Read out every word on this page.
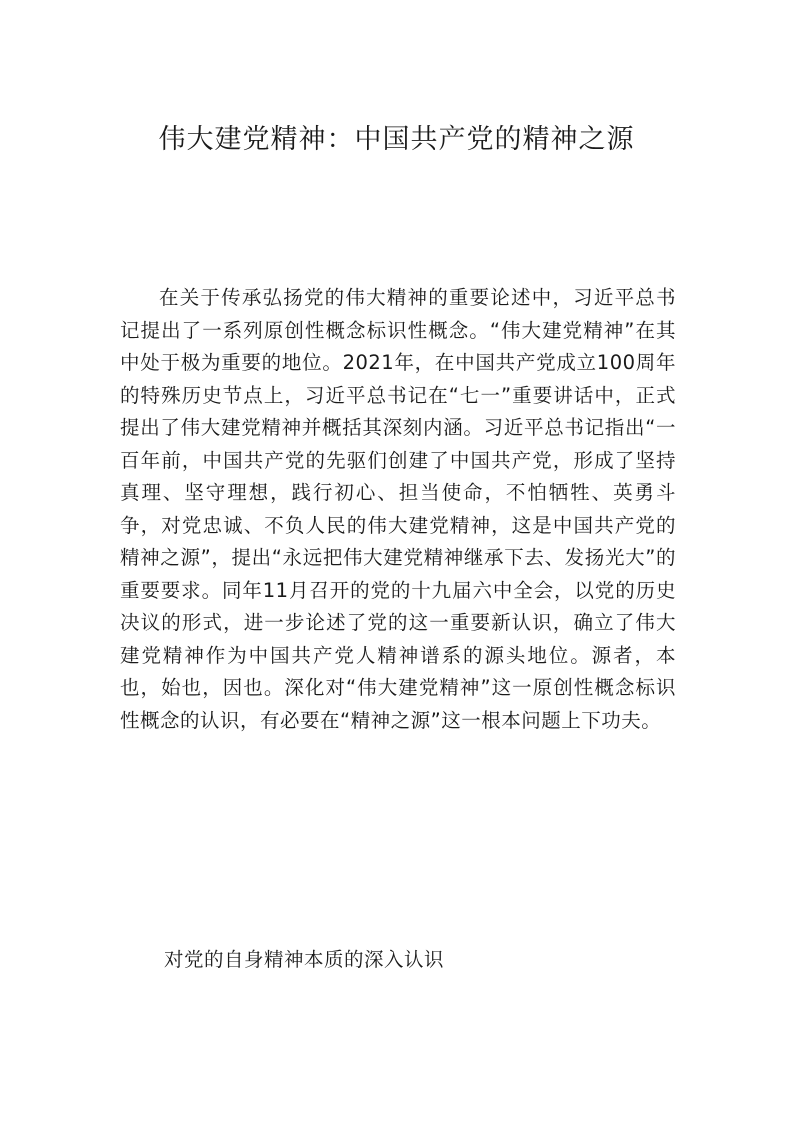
伟大建党精神：中国共产党的精神之源

在关于传承弘扬党的伟大精神的重要论述中，习近平总书记提出了一系列原创性概念标识性概念。“伟大建党精神”在其中处于极为重要的地位。2021年，在中国共产党成立100周年的特殊历史节点上，习近平总书记在“七一”重要讲话中，正式提出了伟大建党精神并概括其深刻内涵。习近平总书记指出“一百年前，中国共产党的先驱们创建了中国共产党，形成了坚持真理、坚守理想，践行初心、担当使命，不怕牺牲、英勇斗争，对党忠诚、不负人民的伟大建党精神，这是中国共产党的精神之源”，提出“永远把伟大建党精神继承下去、发扬光大”的重要要求。同年11月召开的党的十九届六中全会，以党的历史决议的形式，进一步论述了党的这一重要新认识，确立了伟大建党精神作为中国共产党人精神谱系的源头地位。源者，本也，始也，因也。深化对“伟大建党精神”这一原创性概念标识性概念的认识，有必要在“精神之源”这一根本问题上下功夫。

对党的自身精神本质的深入认识
